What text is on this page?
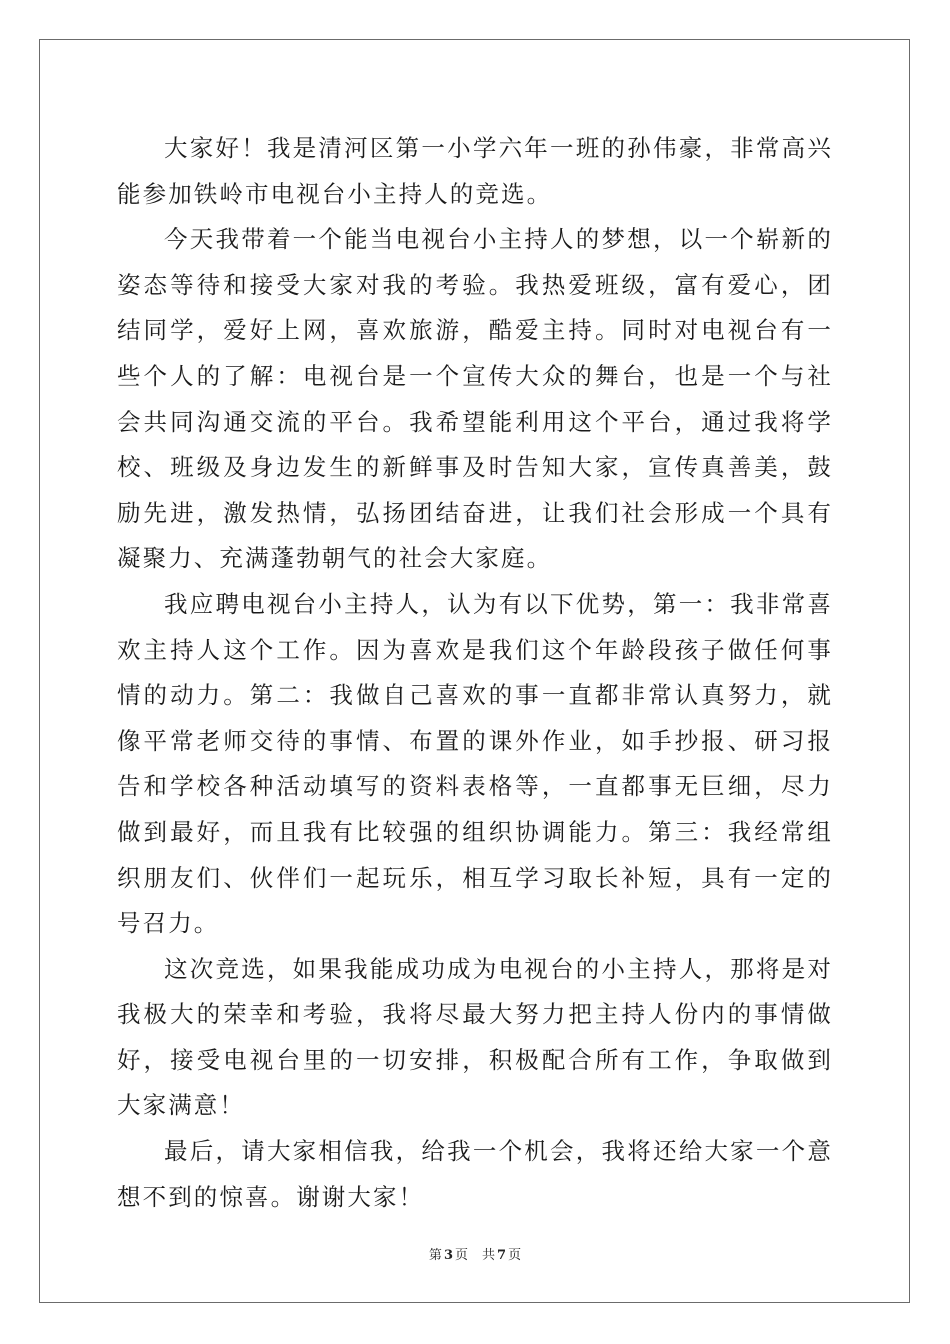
大家好！我是清河区第一小学六年一班的孙伟豪，非常高兴能参加铁岭市电视台小主持人的竞选。

今天我带着一个能当电视台小主持人的梦想，以一个崭新的姿态等待和接受大家对我的考验。我热爱班级，富有爱心，团结同学，爱好上网，喜欢旅游，酷爱主持。同时对电视台有一些个人的了解：电视台是一个宣传大众的舞台，也是一个与社会共同沟通交流的平台。我希望能利用这个平台，通过我将学校、班级及身边发生的新鲜事及时告知大家，宣传真善美，鼓励先进，激发热情，弘扬团结奋进，让我们社会形成一个具有凝聚力、充满蓬勃朝气的社会大家庭。

我应聘电视台小主持人，认为有以下优势，第一：我非常喜欢主持人这个工作。因为喜欢是我们这个年龄段孩子做任何事情的动力。第二：我做自己喜欢的事一直都非常认真努力，就像平常老师交待的事情、布置的课外作业，如手抄报、研习报告和学校各种活动填写的资料表格等，一直都事无巨细，尽力做到最好，而且我有比较强的组织协调能力。第三：我经常组织朋友们、伙伴们一起玩乐，相互学习取长补短，具有一定的号召力。

这次竞选，如果我能成功成为电视台的小主持人，那将是对我极大的荣幸和考验，我将尽最大努力把主持人份内的事情做好，接受电视台里的一切安排，积极配合所有工作，争取做到大家满意！

最后，请大家相信我，给我一个机会，我将还给大家一个意想不到的惊喜。谢谢大家！

第 3 页 共 7 页
